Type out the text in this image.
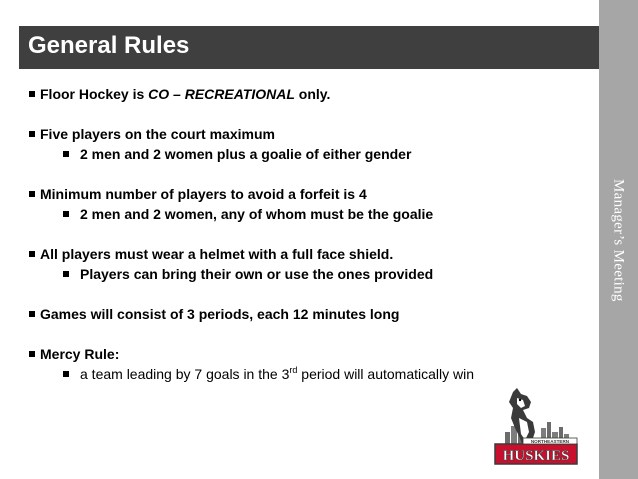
General Rules
Manager’s Meeting
Floor Hockey is CO – RECREATIONAL only.
Five players on the court maximum
2 men and 2 women plus a goalie of either gender
Minimum number of players to avoid a forfeit is 4
2 men and 2 women, any of whom must be the goalie
All players must wear a helmet with a full face shield.
Players can bring their own or use the ones provided
Games will consist of 3 periods, each 12 minutes long
Mercy Rule:
a team leading by 7 goals in the 3rd period will automatically win
NORTHEASTERN
HUSKIES
